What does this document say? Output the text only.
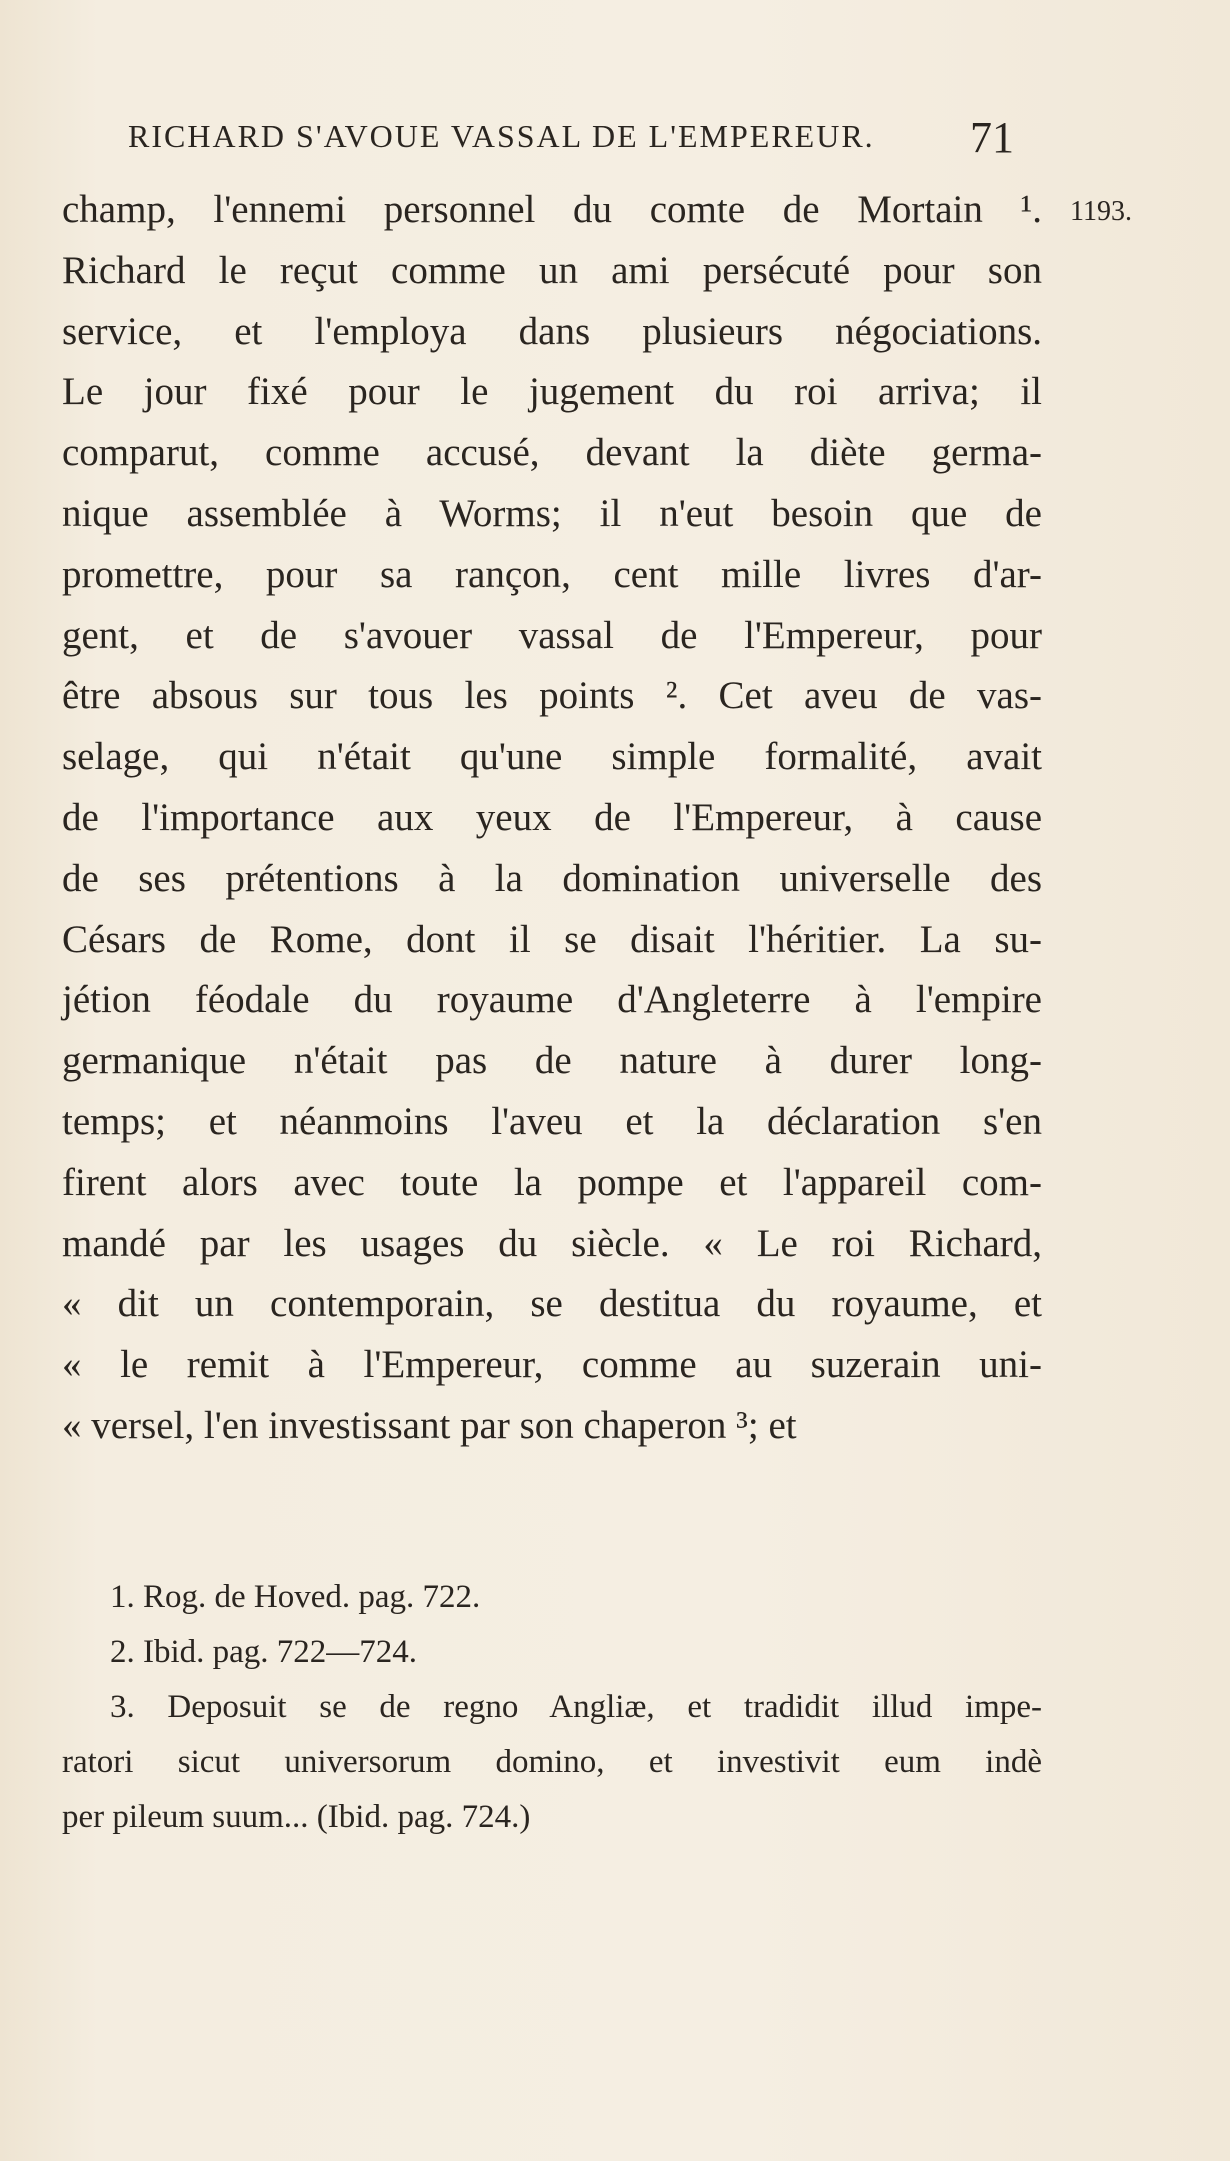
RICHARD S'AVOUE VASSAL DE L'EMPEREUR.	71
1193.
champ, l'ennemi personnel du comte de Mortain ¹.
Richard le reçut comme un ami persécuté pour son
service, et l'employa dans plusieurs négociations.
Le jour fixé pour le jugement du roi arriva; il
comparut, comme accusé, devant la diète germa-
nique assemblée à Worms; il n'eut besoin que de
promettre, pour sa rançon, cent mille livres d'ar-
gent, et de s'avouer vassal de l'Empereur, pour
être absous sur tous les points ². Cet aveu de vas-
selage, qui n'était qu'une simple formalité, avait
de l'importance aux yeux de l'Empereur, à cause
de ses prétentions à la domination universelle des
Césars de Rome, dont il se disait l'héritier. La su-
jétion féodale du royaume d'Angleterre à l'empire
germanique n'était pas de nature à durer long-
temps; et néanmoins l'aveu et la déclaration s'en
firent alors avec toute la pompe et l'appareil com-
mandé par les usages du siècle. « Le roi Richard,
« dit un contemporain, se destitua du royaume, et
« le remit à l'Empereur, comme au suzerain uni-
« versel, l'en investissant par son chaperon ³; et
1. Rog. de Hoved. pag. 722.
2. Ibid. pag. 722—724.
3. Deposuit se de regno Angliæ, et tradidit illud impe-
ratori sicut universorum domino, et investivit eum indè
per pileum suum... (Ibid. pag. 724.)
